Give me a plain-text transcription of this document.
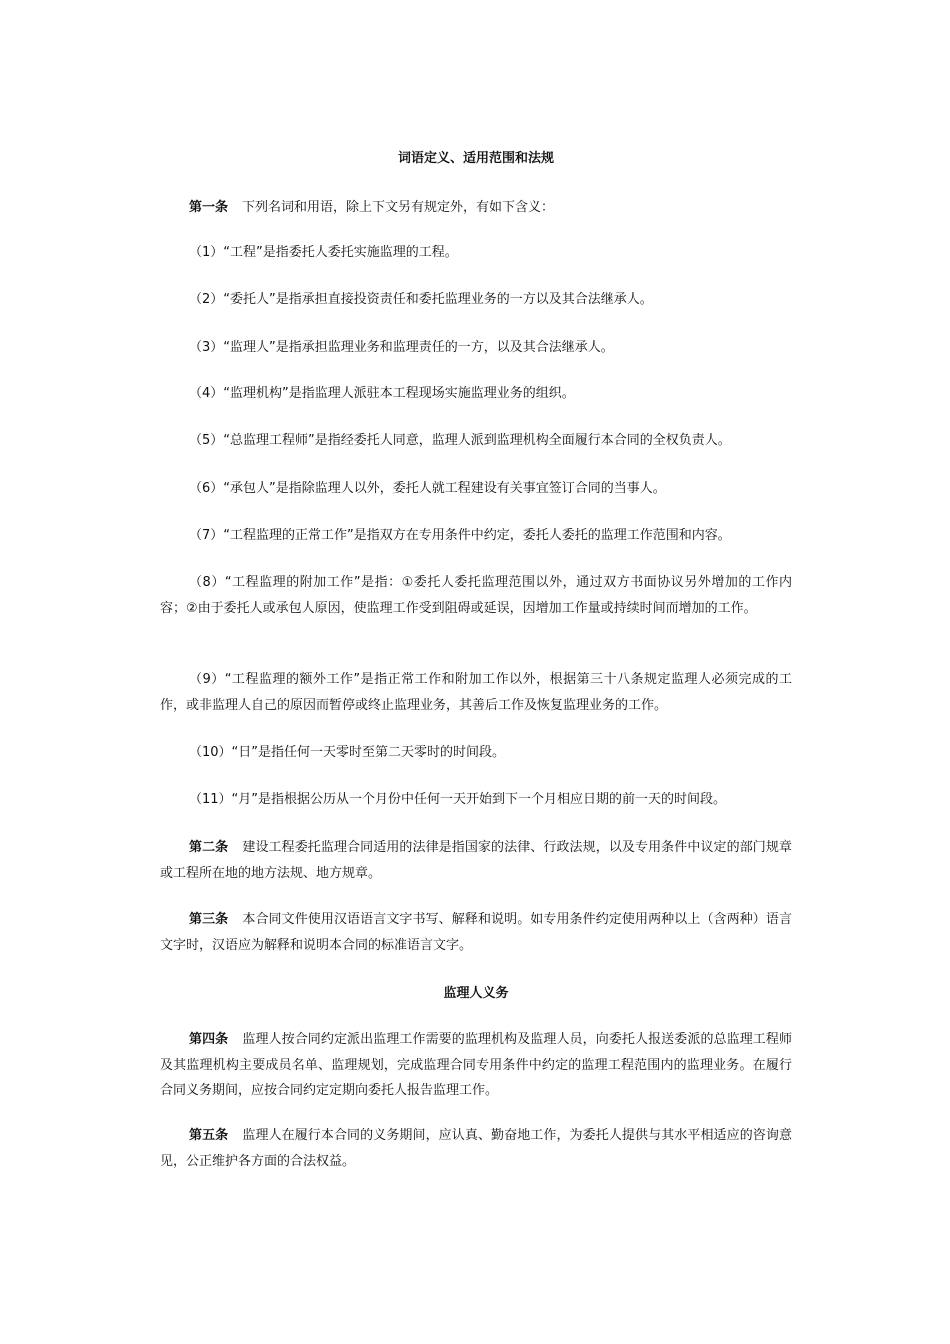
词语定义、适用范围和法规

第一条 下列名词和用语，除上下文另有规定外，有如下含义：

（1）“工程”是指委托人委托实施监理的工程。

（2）“委托人”是指承担直接投资责任和委托监理业务的一方以及其合法继承人。

（3）“监理人”是指承担监理业务和监理责任的一方，以及其合法继承人。

（4）“监理机构”是指监理人派驻本工程现场实施监理业务的组织。

（5）“总监理工程师”是指经委托人同意，监理人派到监理机构全面履行本合同的全权负责人。

（6）“承包人”是指除监理人以外，委托人就工程建设有关事宜签订合同的当事人。

（7）“工程监理的正常工作”是指双方在专用条件中约定，委托人委托的监理工作范围和内容。

（8）“工程监理的附加工作”是指：①委托人委托监理范围以外，通过双方书面协议另外增加的工作内容；②由于委托人或承包人原因，使监理工作受到阻碍或延误，因增加工作量或持续时间而增加的工作。

（9）“工程监理的额外工作”是指正常工作和附加工作以外，根据第三十八条规定监理人必须完成的工作，或非监理人自己的原因而暂停或终止监理业务，其善后工作及恢复监理业务的工作。

（10）“日”是指任何一天零时至第二天零时的时间段。

（11）“月”是指根据公历从一个月份中任何一天开始到下一个月相应日期的前一天的时间段。

第二条 建设工程委托监理合同适用的法律是指国家的法律、行政法规，以及专用条件中议定的部门规章或工程所在地的地方法规、地方规章。

第三条 本合同文件使用汉语语言文字书写、解释和说明。如专用条件约定使用两种以上（含两种）语言文字时，汉语应为解释和说明本合同的标准语言文字。

监理人义务

第四条 监理人按合同约定派出监理工作需要的监理机构及监理人员，向委托人报送委派的总监理工程师及其监理机构主要成员名单、监理规划，完成监理合同专用条件中约定的监理工程范围内的监理业务。在履行合同义务期间，应按合同约定定期向委托人报告监理工作。

第五条 监理人在履行本合同的义务期间，应认真、勤奋地工作，为委托人提供与其水平相适应的咨询意见，公正维护各方面的合法权益。
